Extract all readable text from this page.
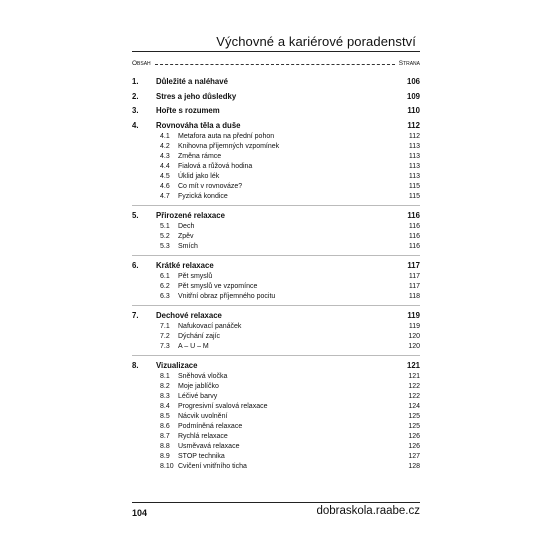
Výchovné a kariérové poradenství
Obsah	Strana
1.	Důležité a naléhavé	106
2.	Stres a jeho důsledky	109
3.	Hořte s rozumem	110
4.	Rovnováha těla a duše	112
4.1	Metafora auta na přední pohon	112
4.2	Knihovna příjemných vzpomínek	113
4.3	Změna rámce	113
4.4	Fialová a růžová hodina	113
4.5	Úklid jako lék	113
4.6	Co mít v rovnováze?	115
4.7	Fyzická kondice	115
5.	Přirozené relaxace	116
5.1	Dech	116
5.2	Zpěv	116
5.3	Smích	116
6.	Krátké relaxace	117
6.1	Pět smyslů	117
6.2	Pět smyslů ve vzpomínce	117
6.3	Vnitřní obraz příjemného pocitu	118
7.	Dechové relaxace	119
7.1	Nafukovací panáček	119
7.2	Dýchání zajíc	120
7.3	A – U – M	120
8.	Vizualizace	121
8.1	Sněhová vločka	121
8.2	Moje jablíčko	122
8.3	Léčivé barvy	122
8.4	Progresivní svalová relaxace	124
8.5	Nácvik uvolnění	125
8.6	Podmíněná relaxace	125
8.7	Rychlá relaxace	126
8.8	Usměvavá relaxace	126
8.9	STOP technika	127
8.10 Cvičení vnitřního ticha	128
104	dobraskola.raabe.cz
